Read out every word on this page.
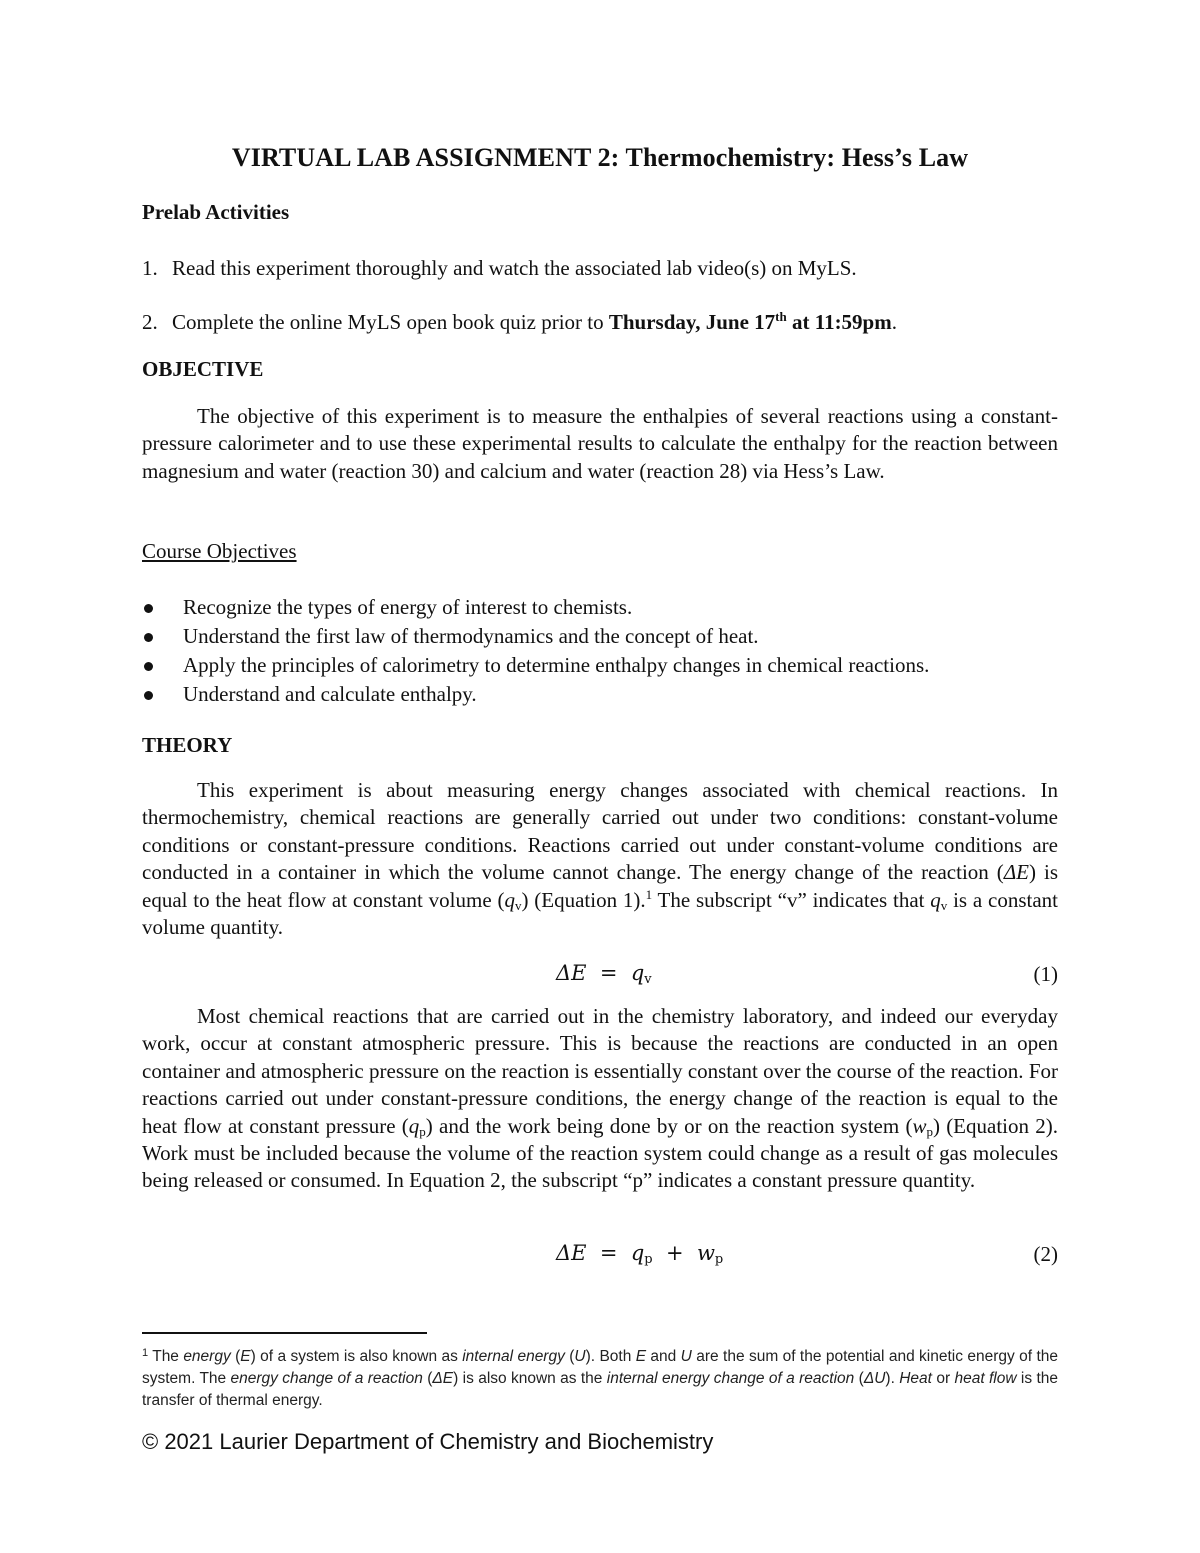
VIRTUAL LAB ASSIGNMENT 2: Thermochemistry: Hess’s Law
Prelab Activities
1. Read this experiment thoroughly and watch the associated lab video(s) on MyLS.
2. Complete the online MyLS open book quiz prior to Thursday, June 17th at 11:59pm.
OBJECTIVE
The objective of this experiment is to measure the enthalpies of several reactions using a constant-pressure calorimeter and to use these experimental results to calculate the enthalpy for the reaction between magnesium and water (reaction 30) and calcium and water (reaction 28) via Hess’s Law.
Course Objectives
Recognize the types of energy of interest to chemists.
Understand the first law of thermodynamics and the concept of heat.
Apply the principles of calorimetry to determine enthalpy changes in chemical reactions.
Understand and calculate enthalpy.
THEORY
This experiment is about measuring energy changes associated with chemical reactions. In thermochemistry, chemical reactions are generally carried out under two conditions: constant-volume conditions or constant-pressure conditions. Reactions carried out under constant-volume conditions are conducted in a container in which the volume cannot change. The energy change of the reaction (ΔE) is equal to the heat flow at constant volume $(q_v)$ (Equation 1).$^1$ The subscript “v” indicates that $q_v$ is a constant volume quantity.
$\Delta E = q_v$	(1)
Most chemical reactions that are carried out in the chemistry laboratory, and indeed our everyday work, occur at constant atmospheric pressure. This is because the reactions are conducted in an open container and atmospheric pressure on the reaction is essentially constant over the course of the reaction. For reactions carried out under constant-pressure conditions, the energy change of the reaction is equal to the heat flow at constant pressure $(q_p)$ and the work being done by or on the reaction system $(w_p)$ (Equation 2). Work must be included because the volume of the reaction system could change as a result of gas molecules being released or consumed. In Equation 2, the subscript “p” indicates a constant pressure quantity.
$\Delta E = q_p + w_p$	(2)
$^1$ The energy (E) of a system is also known as internal energy (U). Both E and U are the sum of the potential and kinetic energy of the system. The energy change of a reaction (ΔE) is also known as the internal energy change of a reaction (ΔU). Heat or heat flow is the transfer of thermal energy.
© 2021 Laurier Department of Chemistry and Biochemistry
